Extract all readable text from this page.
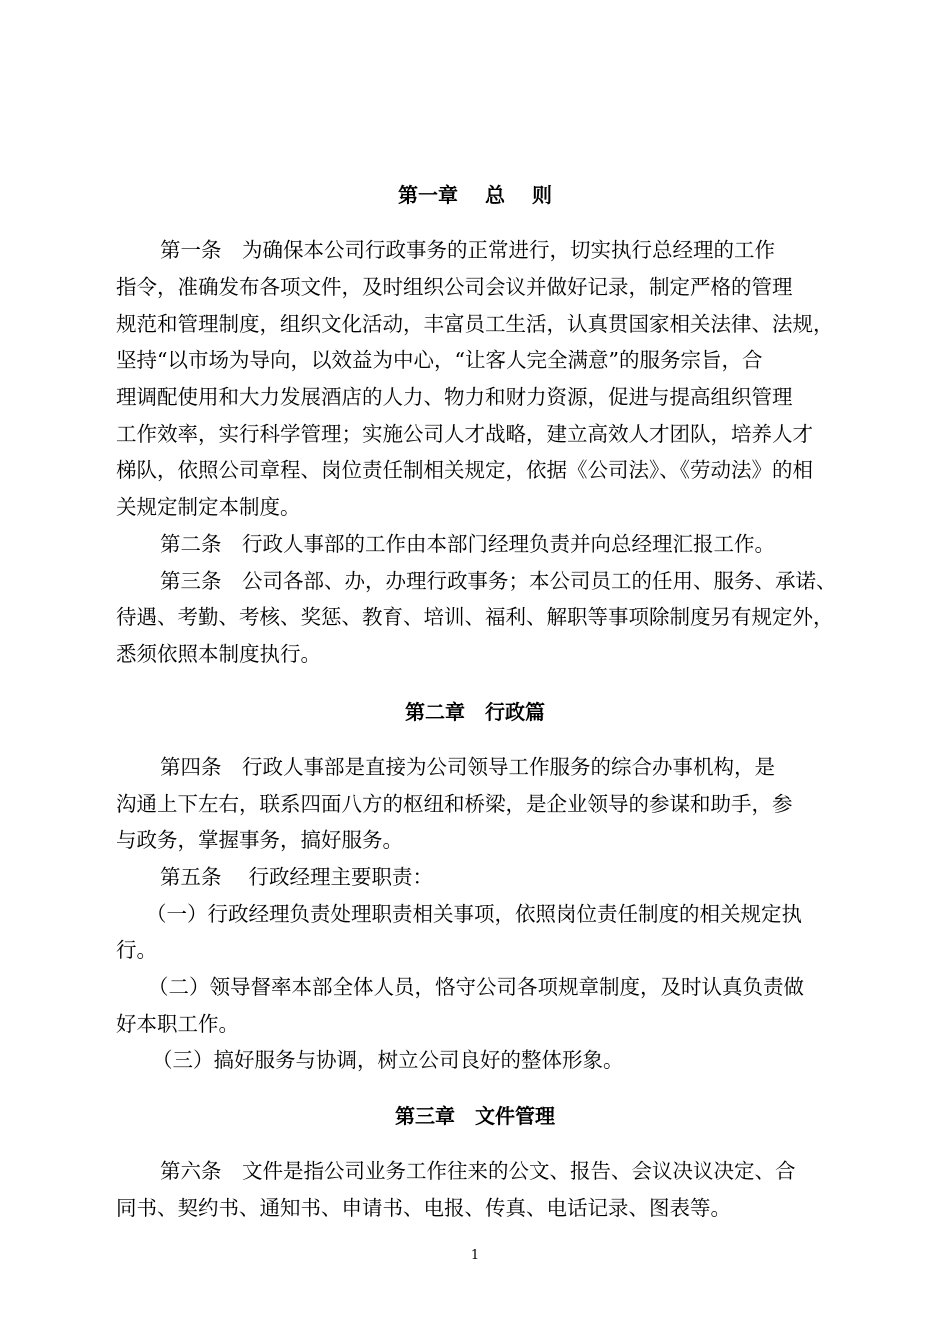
第一章　 总　 则
第一条　为确保本公司行政事务的正常进行，切实执行总经理的工作
指令，准确发布各项文件，及时组织公司会议并做好记录，制定严格的管理
规范和管理制度，组织文化活动，丰富员工生活，认真贯国家相关法律、法规，
坚持“以市场为导向，以效益为中心，“让客人完全满意”的服务宗旨，合
理调配使用和大力发展酒店的人力、物力和财力资源，促进与提高组织管理
工作效率，实行科学管理；实施公司人才战略，建立高效人才团队，培养人才
梯队，依照公司章程、岗位责任制相关规定，依据《公司法》、《劳动法》的相
关规定制定本制度。
第二条　行政人事部的工作由本部门经理负责并向总经理汇报工作。
第三条　公司各部、办，办理行政事务；本公司员工的任用、服务、承诺、
待遇、考勤、考核、奖惩、教育、培训、福利、解职等事项除制度另有规定外，
悉须依照本制度执行。
第二章　行政篇
第四条　行政人事部是直接为公司领导工作服务的综合办事机构，是
沟通上下左右，联系四面八方的枢纽和桥梁，是企业领导的参谋和助手，参
与政务，掌握事务，搞好服务。
第五条　 行政经理主要职责：
（一）行政经理负责处理职责相关事项，依照岗位责任制度的相关规定执
行。
（二）领导督率本部全体人员，恪守公司各项规章制度，及时认真负责做
好本职工作。
（三）搞好服务与协调，树立公司良好的整体形象。
第三章　文件管理
第六条　文件是指公司业务工作往来的公文、报告、会议决议决定、合
同书、契约书、通知书、申请书、电报、传真、电话记录、图表等。
1
